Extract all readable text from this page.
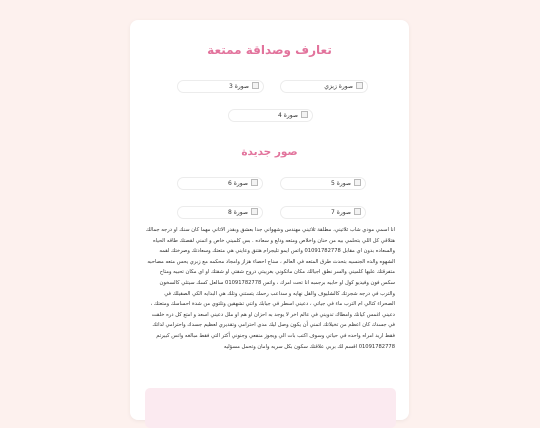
تعارف وصداقة ممتعة
صورة زبزي
صورة 3
صورة 4
صور جديدة
صورة 5
صورة 6
صورة 7
صورة 8
انا اسمي مودي شاب ثلاثيني، مطلقة ثلاثيني مهندس وشهواني جدا بعشق وبقدر الاثاني مهما كان سنك او درجه جمالك هتلاقي كل اللي بتحلمي بيه من حنان واخلاص ومتعه ودلع و سعاده . بس كلميني خاص و اتمني لقصتك طاقه الحياه والسعاده بدون اي مقابل 01091782778 واتس ايمو تليجرام هتنق وعايني هي متعتك وسعادتك وصرختك لقمه الشهوه والذه الجنسيه بتحدث طرق المتعه في العالم ، سناج احصاء هزاز وامجاد محكمه مع زبري يحس متعه مصاحبه متفرقتك عليها كلميني والسر نطق اجيالك مكان ماتكوني بغريبتي ذروح شقتي او شقتك او اي مكان تحبيه ومتاح سكس فون وفيديو كول او حابيه برجمبه انا تحت امرك ، واتس 01091782778 سالعل كسك سيتئي كالسخون والترب في درجه شجرتك كالشليوف والقل نهايه و سداعب رحمك يتستني وتلك هي البدايه الكي الصقيلك في الصحراء كتالي ام الترب ماء في جياتي ، دعيني اسطر في جيابك وانتي تشهقين وتلتوي من شدة احساسك ومتعتك ، دعيني اغمس كيانك وامطاك تدويني في عالم اخر لا يوجد به احزان او هم او ملل دعيني اسعد و امتع كل ذره خلقت في جسدك كان اعظم من تخيلاتك اتمني أن يكون وصل ليك مدي احترامي وتقديري لعظيم جسدك واحترامي لذاتك فقط اريد امراه واحده في حياتي وسوف اكتب بات الي ويجوز منفعي وجنوني أكثر التي فقط مبالغه واتس كبيرتم 01091782778 اقسم لك بربي علاقتك سكون بكل سريه وامان وتحمل مسؤليه
